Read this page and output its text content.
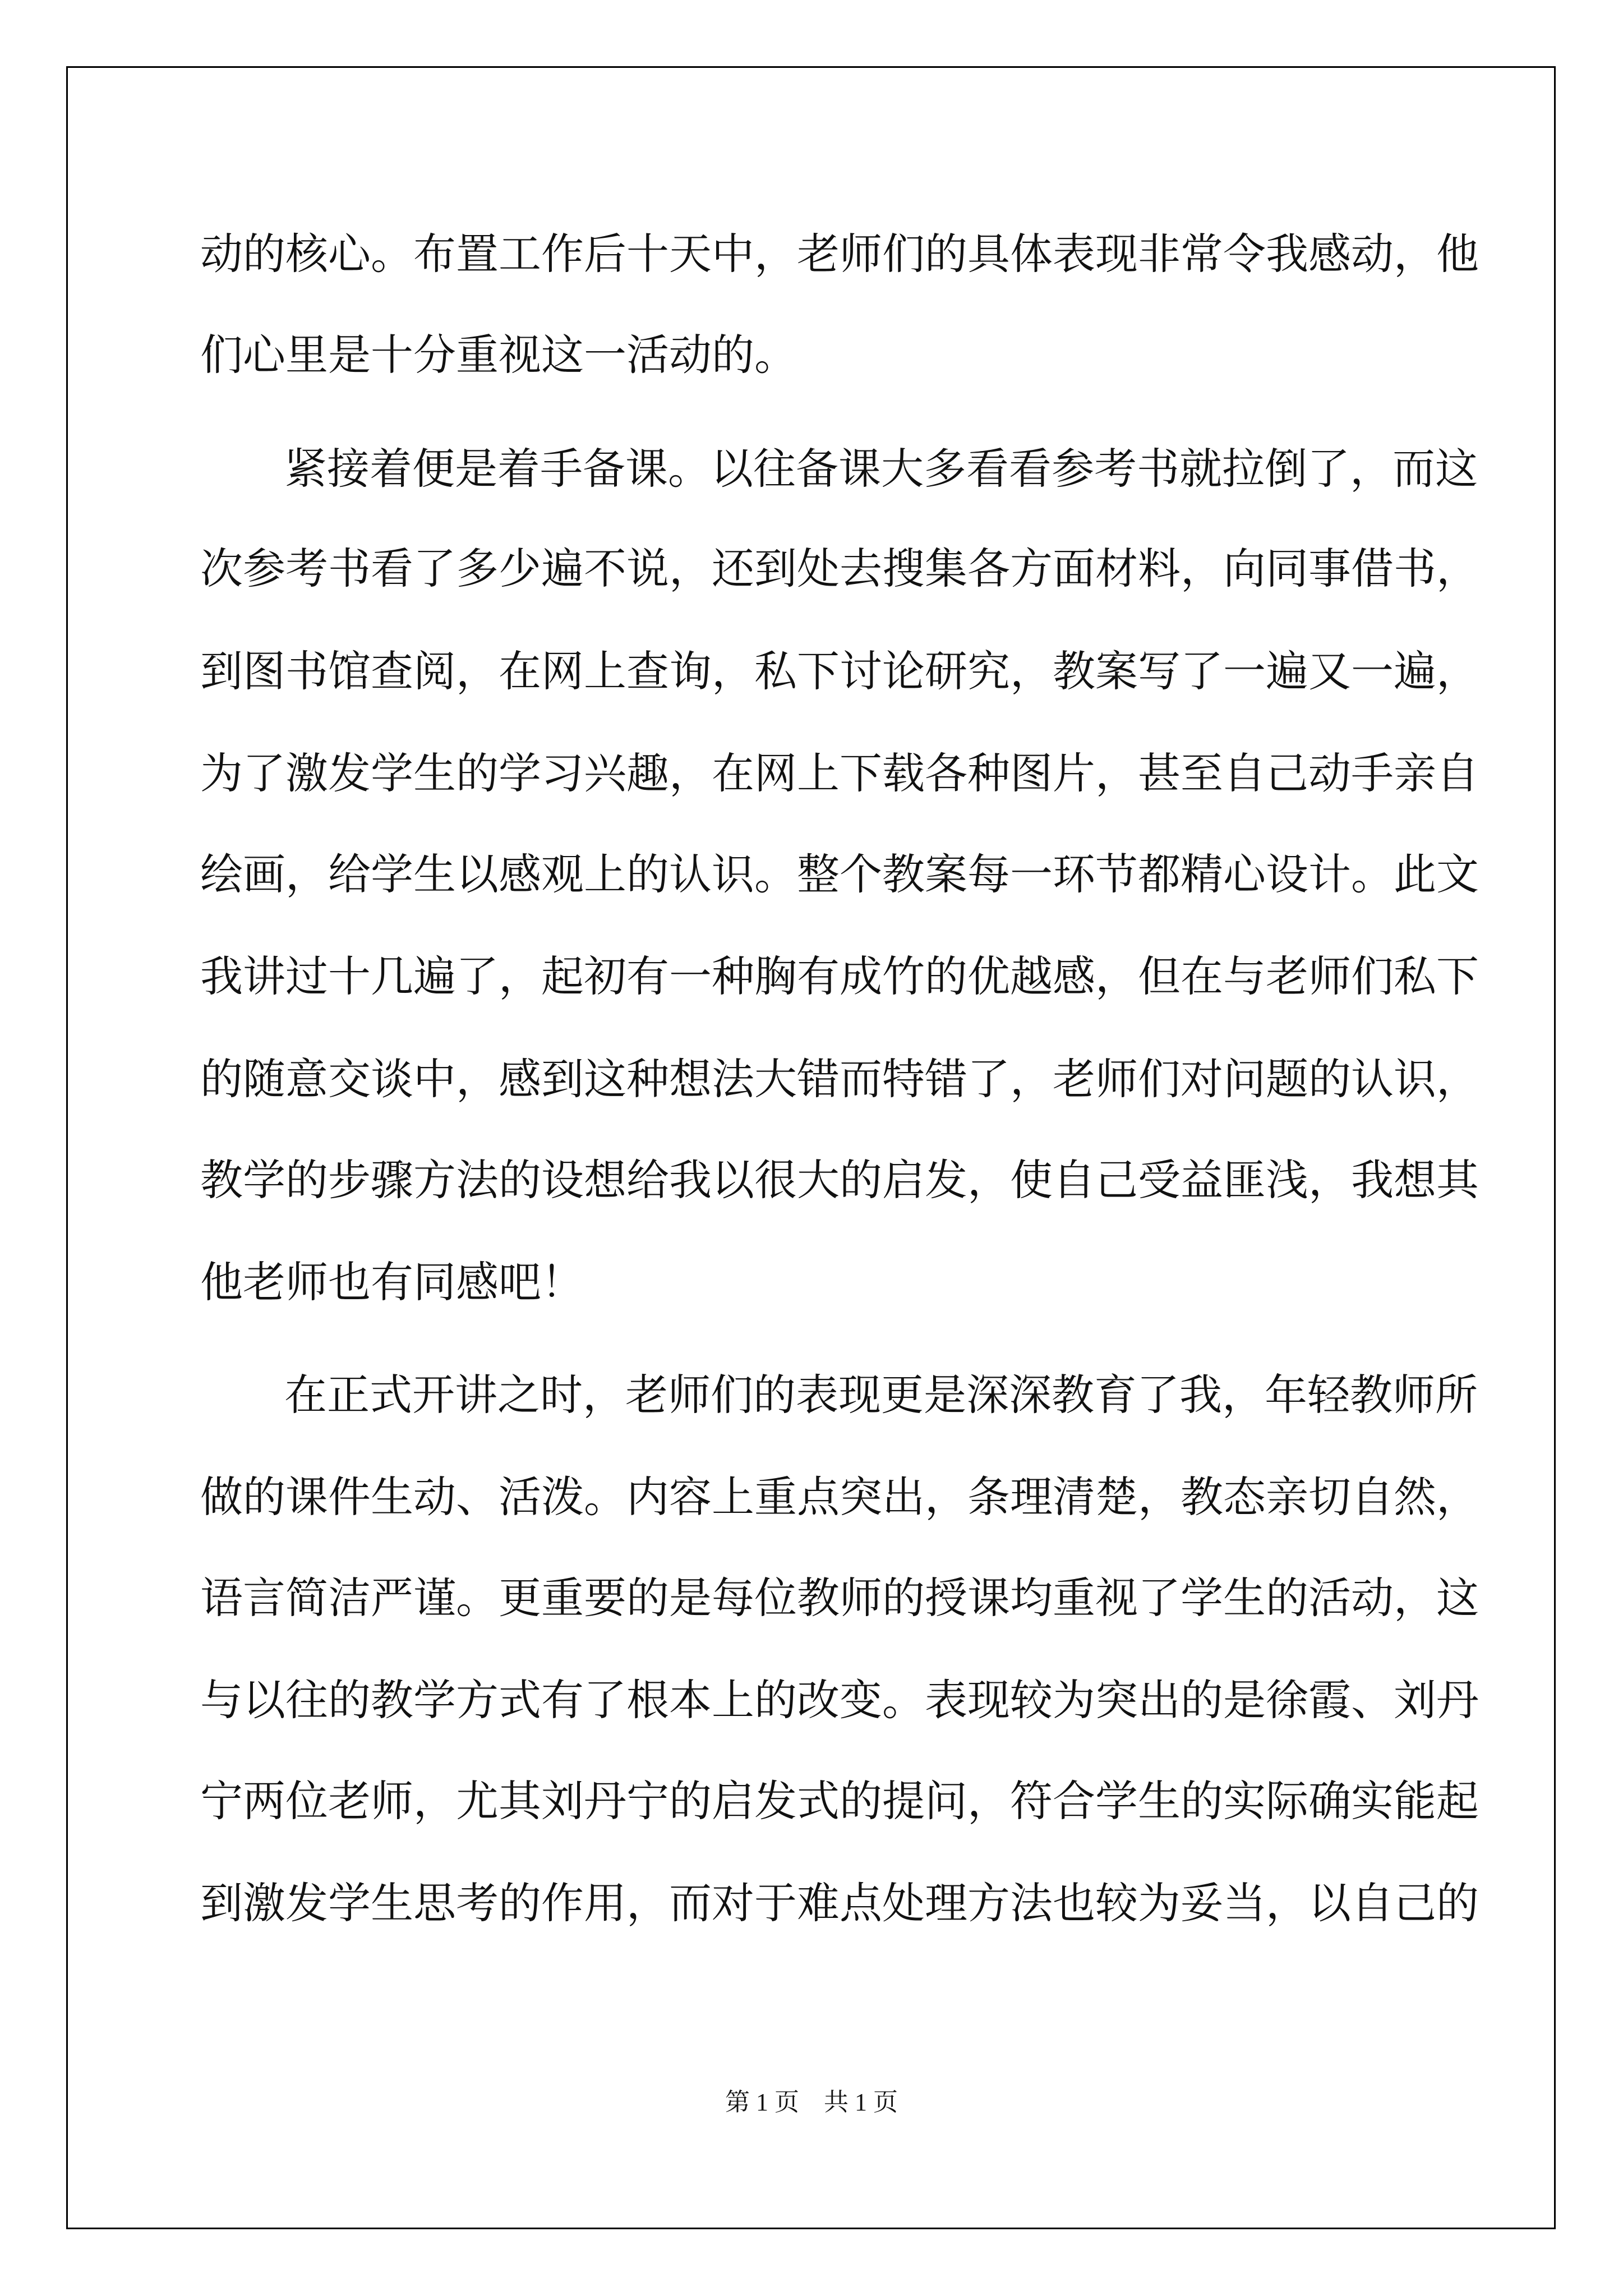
动的核心。布置工作后十天中，老师们的具体表现非常令我感动，他
们心里是十分重视这一活动的。
紧接着便是着手备课。以往备课大多看看参考书就拉倒了，而这
次参考书看了多少遍不说，还到处去搜集各方面材料，向同事借书，
到图书馆查阅，在网上查询，私下讨论研究，教案写了一遍又一遍，
为了激发学生的学习兴趣，在网上下载各种图片，甚至自己动手亲自
绘画，给学生以感观上的认识。整个教案每一环节都精心设计。此文
我讲过十几遍了，起初有一种胸有成竹的优越感，但在与老师们私下
的随意交谈中，感到这种想法大错而特错了，老师们对问题的认识，
教学的步骤方法的设想给我以很大的启发，使自己受益匪浅，我想其
他老师也有同感吧！
在正式开讲之时，老师们的表现更是深深教育了我，年轻教师所
做的课件生动、活泼。内容上重点突出，条理清楚，教态亲切自然，
语言简洁严谨。更重要的是每位教师的授课均重视了学生的活动，这
与以往的教学方式有了根本上的改变。表现较为突出的是徐霞、刘丹
宁两位老师，尤其刘丹宁的启发式的提问，符合学生的实际确实能起
到激发学生思考的作用，而对于难点处理方法也较为妥当，以自己的
第 1 页    共 1 页
